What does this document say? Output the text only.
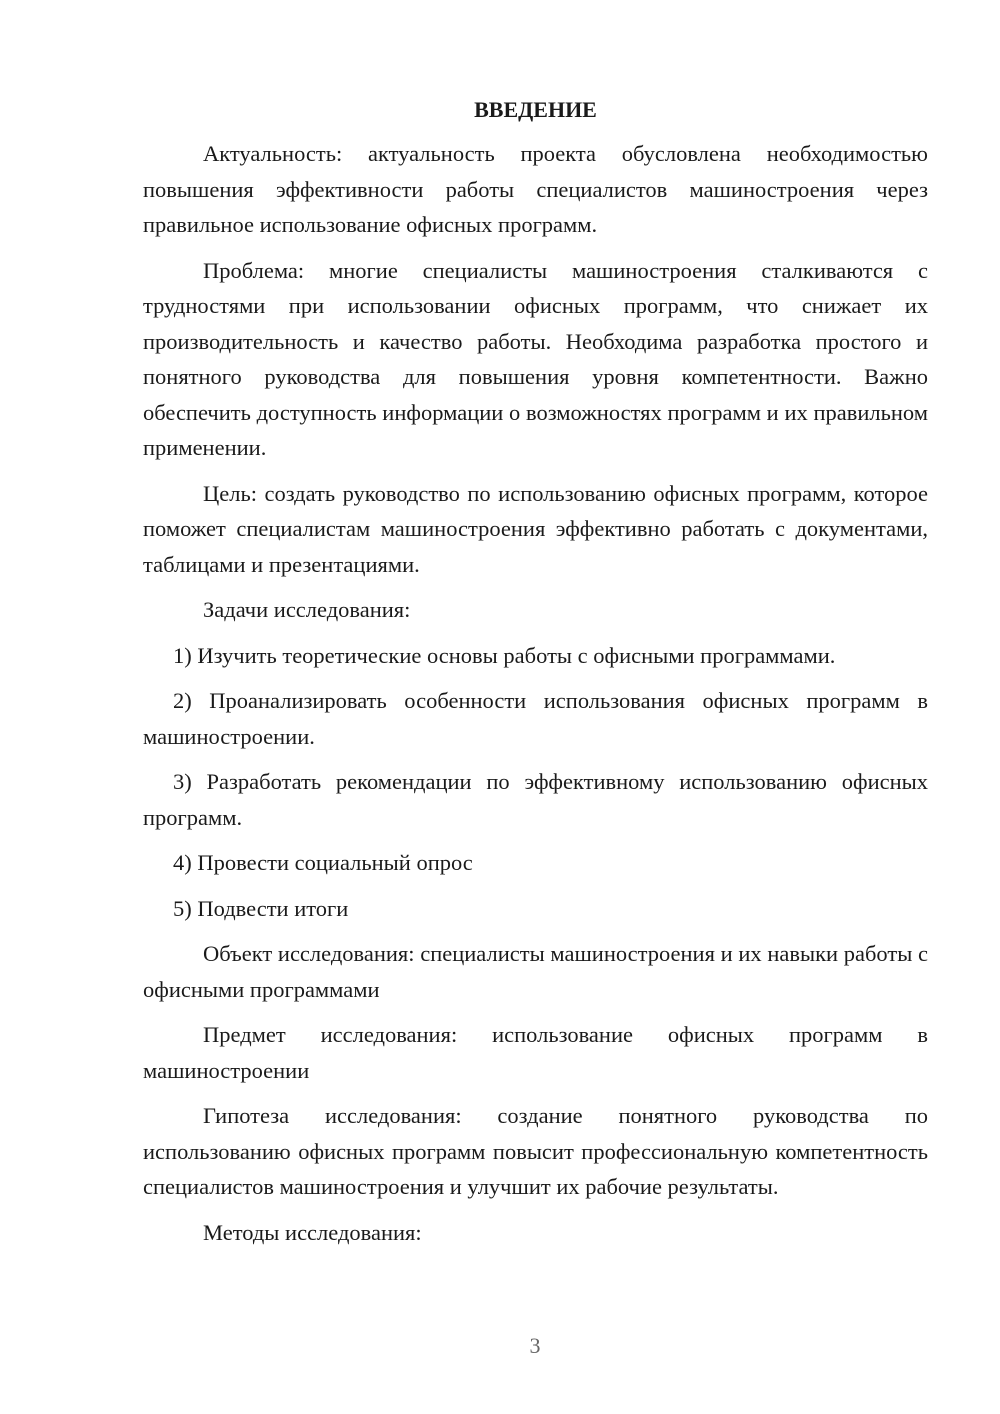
ВВЕДЕНИЕ

Актуальность: актуальность проекта обусловлена необходимостью повышения эффективности работы специалистов машиностроения через правильное использование офисных программ.

Проблема: многие специалисты машиностроения сталкиваются с трудностями при использовании офисных программ, что снижает их производительность и качество работы. Необходима разработка простого и понятного руководства для повышения уровня компетентности. Важно обеспечить доступность информации о возможностях программ и их правильном применении.

Цель: создать руководство по использованию офисных программ, которое поможет специалистам машиностроения эффективно работать с документами, таблицами и презентациями.

Задачи исследования:

1) Изучить теоретические основы работы с офисными программами.

2) Проанализировать особенности использования офисных программ в машиностроении.

3) Разработать рекомендации по эффективному использованию офисных программ.

4) Провести социальный опрос

5) Подвести итоги

Объект исследования: специалисты машиностроения и их навыки работы с офисными программами

Предмет исследования: использование офисных программ в машиностроении

Гипотеза исследования: создание понятного руководства по использованию офисных программ повысит профессиональную компетентность специалистов машиностроения и улучшит их рабочие результаты.

Методы исследования:

3
